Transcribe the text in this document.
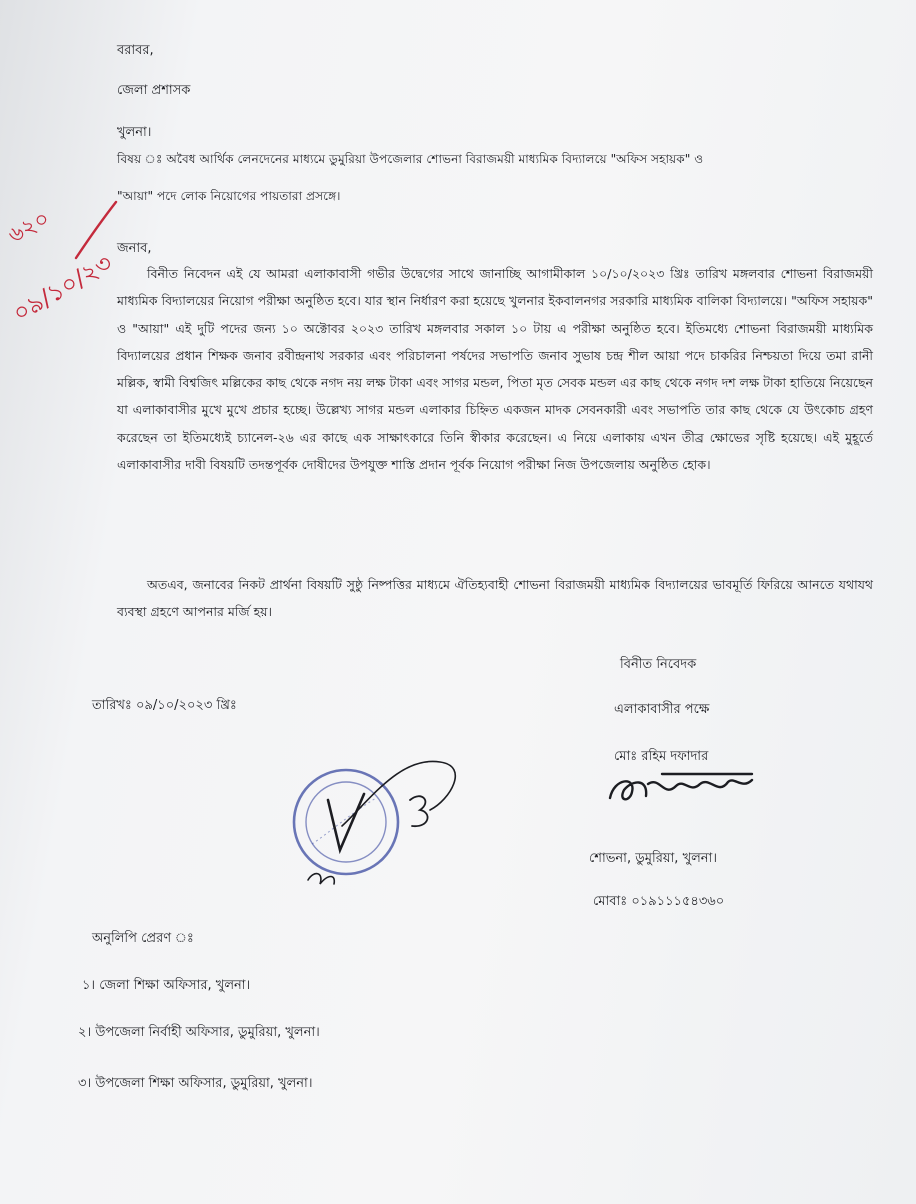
বরাবর,
জেলা প্রশাসক
খুলনা।
বিষয় ঃ অবৈধ আর্থিক লেনদেনের মাধ্যমে ডুমুরিয়া উপজেলার শোভনা বিরাজময়ী মাধ্যমিক বিদ্যালয়ে "অফিস সহায়ক" ও
"আয়া" পদে লোক নিয়োগের পায়তারা প্রসঙ্গে।
জনাব,
বিনীত নিবেদন এই যে আমরা এলাকাবাসী গভীর উদ্বেগের সাথে জানাচ্ছি আগামীকাল ১০/১০/২০২৩ খ্রিঃ তারিখ মঙ্গলবার শোভনা বিরাজময়ী মাধ্যমিক বিদ্যালয়ের নিয়োগ পরীক্ষা অনুষ্ঠিত হবে। যার স্থান নির্ধারণ করা হয়েছে খুলনার ইকবালনগর সরকারি মাধ্যমিক বালিকা বিদ্যালয়ে। "অফিস সহায়ক" ও "আয়া" এই দুটি পদের জন্য ১০ অক্টোবর ২০২৩ তারিখ মঙ্গলবার সকাল ১০ টায় এ পরীক্ষা অনুষ্ঠিত হবে। ইতিমধ্যে শোভনা বিরাজময়ী মাধ্যমিক বিদ্যালয়ের প্রধান শিক্ষক জনাব রবীন্দ্রনাথ সরকার এবং পরিচালনা পর্ষদের সভাপতি জনাব সুভাষ চন্দ্র শীল আয়া পদে চাকরির নিশ্চয়তা দিয়ে তমা রানী মল্লিক, স্বামী বিশ্বজিৎ মল্লিকের কাছ থেকে নগদ নয় লক্ষ টাকা এবং সাগর মন্ডল, পিতা মৃত সেবক মন্ডল এর কাছ থেকে নগদ দশ লক্ষ টাকা হাতিয়ে নিয়েছেন যা এলাকাবাসীর মুখে মুখে প্রচার হচ্ছে। উল্লেখ্য সাগর মন্ডল এলাকার চিহ্নিত একজন মাদক সেবনকারী এবং সভাপতি তার কাছ থেকে যে উৎকোচ গ্রহণ করেছেন তা ইতিমধ্যেই চ্যানেল-২৬ এর কাছে এক সাক্ষাৎকারে তিনি স্বীকার করেছেন। এ নিয়ে এলাকায় এখন তীব্র ক্ষোভের সৃষ্টি হয়েছে। এই মুহূর্তে এলাকাবাসীর দাবী বিষয়টি তদন্তপূর্বক দোষীদের উপযুক্ত শাস্তি প্রদান পূর্বক নিয়োগ পরীক্ষা নিজ উপজেলায় অনুষ্ঠিত হোক।
অতএব, জনাবের নিকট প্রার্থনা বিষয়টি সুষ্ঠু নিষ্পত্তির মাধ্যমে ঐতিহ্যবাহী শোভনা বিরাজময়ী মাধ্যমিক বিদ্যালয়ের ভাবমূর্তি ফিরিয়ে আনতে যথাযথ ব্যবস্থা গ্রহণে আপনার মর্জি হয়।
বিনীত নিবেদক
তারিখঃ ০৯/১০/২০২৩ খ্রিঃ	এলাকাবাসীর পক্ষে
মোঃ রহিম দফাদার
শোভনা, ডুমুরিয়া, খুলনা।
মোবাঃ ০১৯১১১৫৪৩৬০
অনুলিপি প্রেরণ ঃ
১। জেলা শিক্ষা অফিসার, খুলনা।
২। উপজেলা নির্বাহী অফিসার, ডুমুরিয়া, খুলনা।
৩। উপজেলা শিক্ষা অফিসার, ডুমুরিয়া, খুলনা।
৬২০
০৯/১০/২৩
